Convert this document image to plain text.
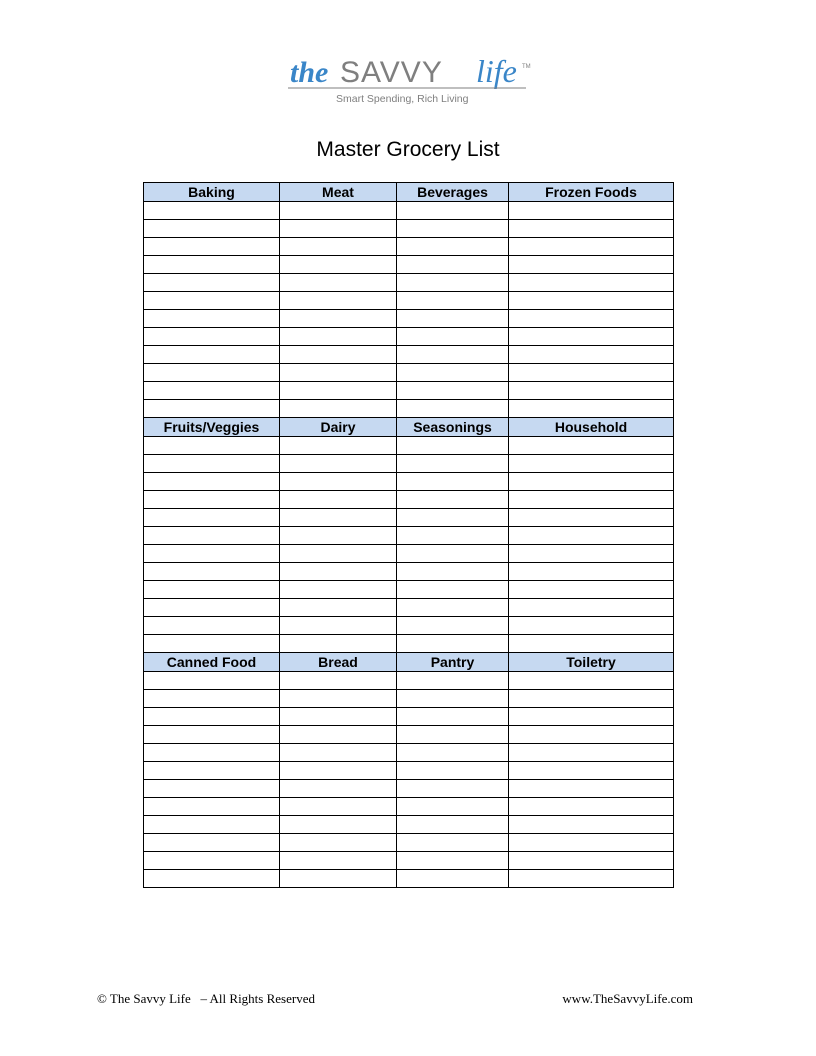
the SAVVY life TM
Smart Spending, Rich Living
Master Grocery List
Baking	Meat	Beverages	Frozen Foods

Fruits/Veggies	Dairy	Seasonings	Household

Canned Food	Bread	Pantry	Toiletry

© The Savvy Life   – All Rights Reserved	www.TheSavvyLife.com
